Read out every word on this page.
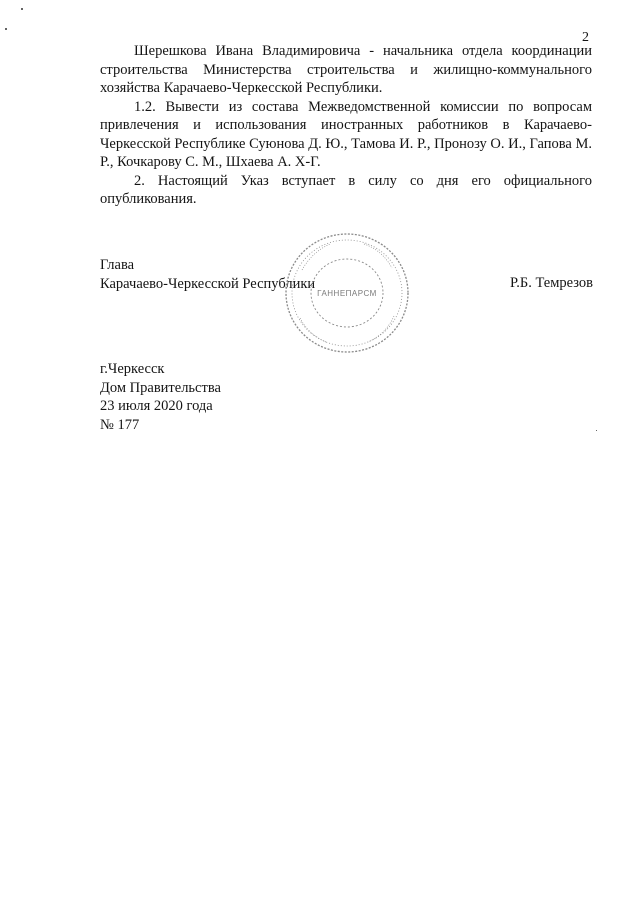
2

Шерешкова Ивана Владимировича - начальника отдела координации строительства Министерства строительства и жилищно-коммунального хозяйства Карачаево-Черкесской Республики.

1.2. Вывести из состава Межведомственной комиссии по вопросам привлечения и использования иностранных работников в Карачаево-Черкесской Республике Суюнова Д. Ю., Тамова И. Р., Пронозу О. И., Гапова М. Р., Кочкарову С. М., Шхаева А. Х-Г.

2. Настоящий Указ вступает в силу со дня его официального опубликования.

Глава
Карачаево-Черкесской Республики
ГАННЕПАРСМ
Р.Б. Темрезов
г.Черкесск
Дом Правительства
23 июля 2020 года
№ 177
